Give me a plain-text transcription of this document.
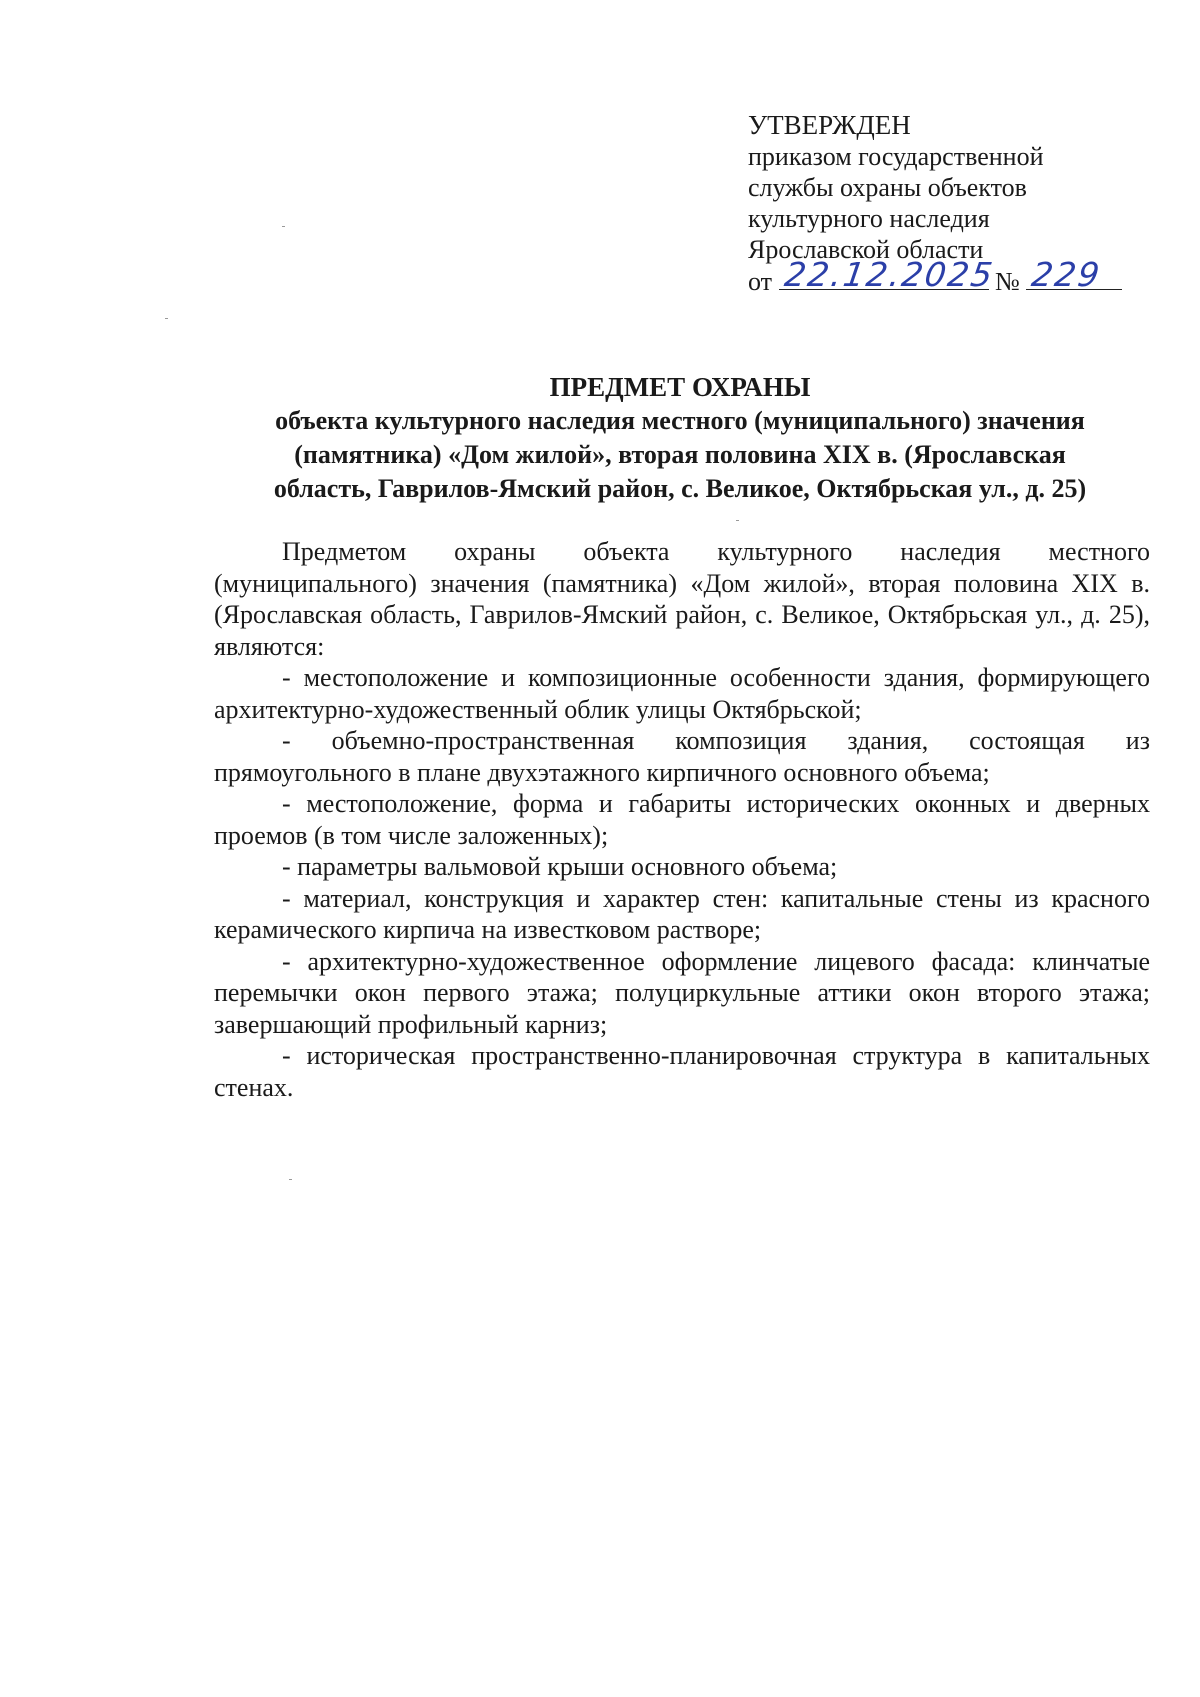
УТВЕРЖДЕН
приказом государственной
службы охраны объектов
культурного наследия
Ярославской области
от 22.12.2025
№ 229
ПРЕДМЕТ ОХРАНЫ
объекта культурного наследия местного (муниципального) значения
(памятника) «Дом жилой», вторая половина XIX в. (Ярославская
область, Гаврилов-Ямский район, с. Великое, Октябрьская ул., д. 25)

Предметом охраны объекта культурного наследия местного (муниципального) значения (памятника) «Дом жилой», вторая половина XIX в. (Ярославская область, Гаврилов-Ямский район, с. Великое, Октябрьская ул., д. 25), являются:

- местоположение и композиционные особенности здания, формирующего архитектурно-художественный облик улицы Октябрьской;

- объемно-пространственная композиция здания, состоящая из прямоугольного в плане двухэтажного кирпичного основного объема;

- местоположение, форма и габариты исторических оконных и дверных проемов (в том числе заложенных);

- параметры вальмовой крыши основного объема;

- материал, конструкция и характер стен: капитальные стены из красного керамического кирпича на известковом растворе;

- архитектурно-художественное оформление лицевого фасада: клинчатые перемычки окон первого этажа; полуциркульные аттики окон второго этажа; завершающий профильный карниз;

- историческая пространственно-планировочная структура в капитальных стенах.
